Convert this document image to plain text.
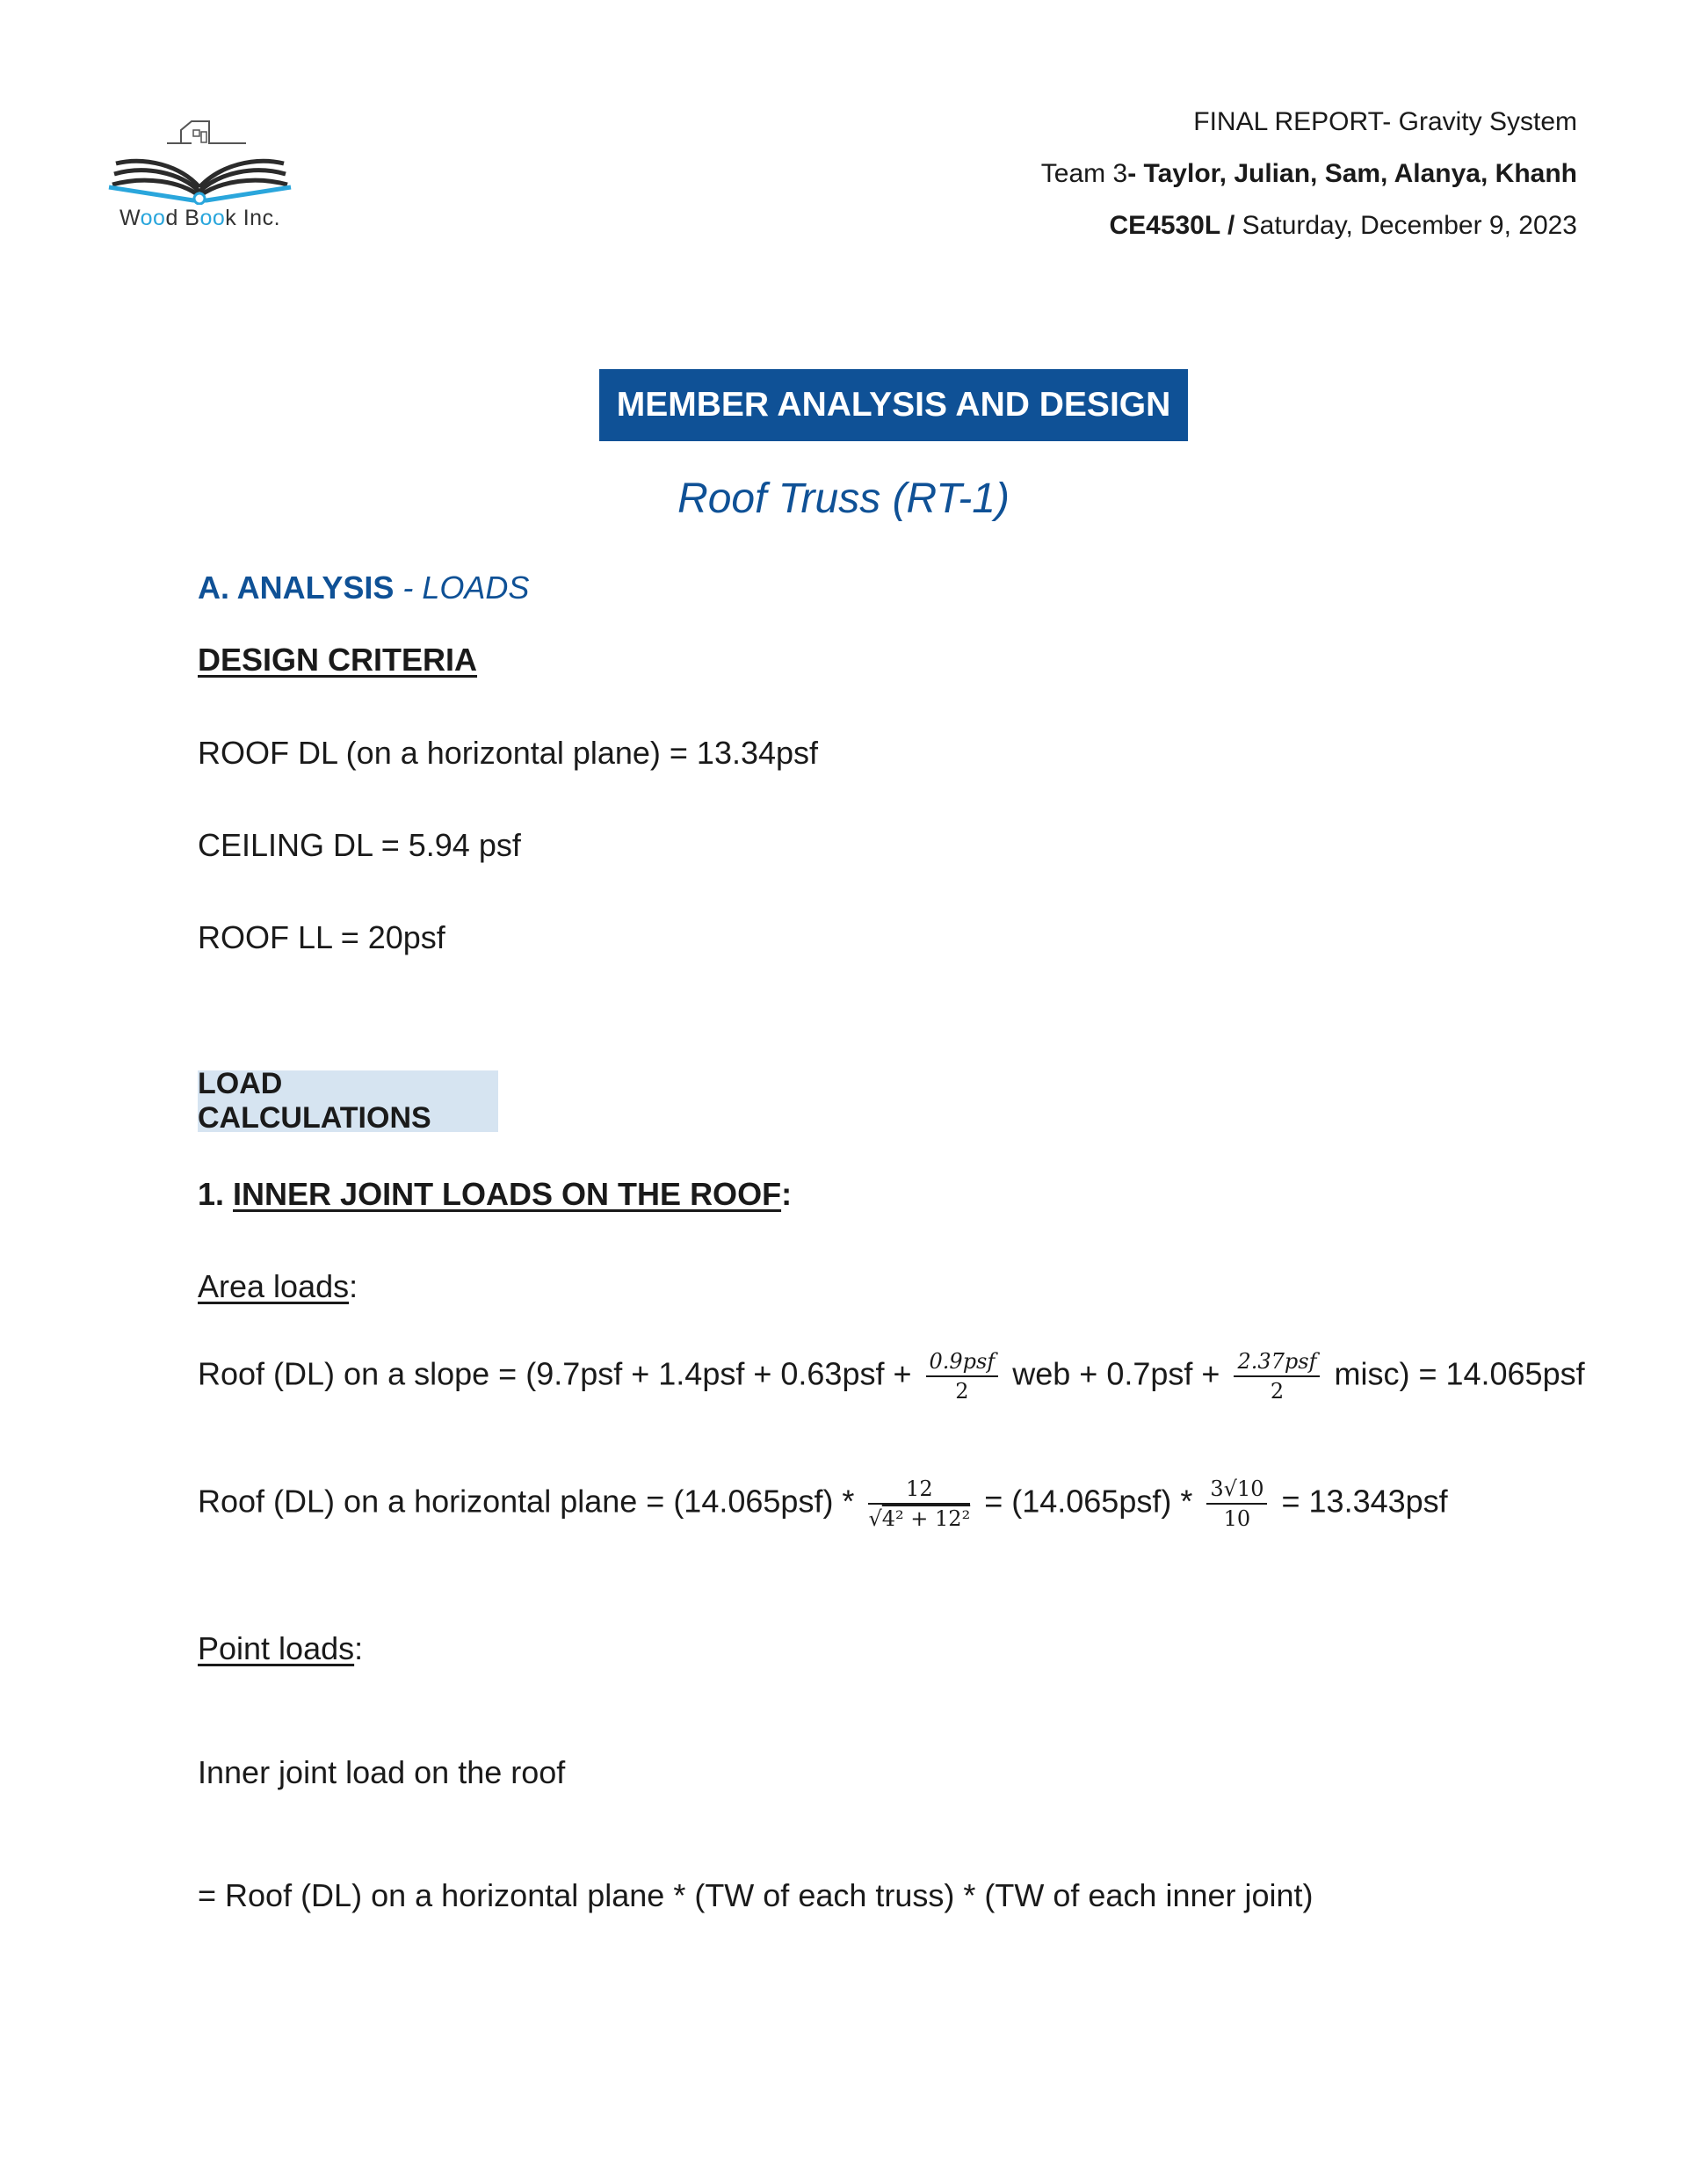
Wood Book Inc.
FINAL REPORT- Gravity System
Team 3- Taylor, Julian, Sam, Alanya, Khanh
CE4530L / Saturday, December 9, 2023
MEMBER ANALYSIS AND DESIGN
Roof Truss (RT-1)
A. ANALYSIS - LOADS
DESIGN CRITERIA
ROOF DL (on a horizontal plane) = 13.34psf
CEILING DL = 5.94 psf
ROOF LL = 20psf
LOAD CALCULATIONS
1. INNER JOINT LOADS ON THE ROOF:
Area loads:
Roof (DL) on a slope = ($9.7psf + 1.4psf + 0.63psf + \frac{\text{0.9psf}}{2}$ web + $0.7psf + \frac{\text{2.37psf}}{2}$ misc) = 14.065psf
Roof (DL) on a horizontal plane = $(14.065psf) * \frac{12}{\text{√4² + 12²}} = (14.065psf) * \frac{3√10}{10} = 13.343psf$
Point loads:
Inner joint load on the roof
= Roof (DL) on a horizontal plane * (TW of each truss) * (TW of each inner joint)
